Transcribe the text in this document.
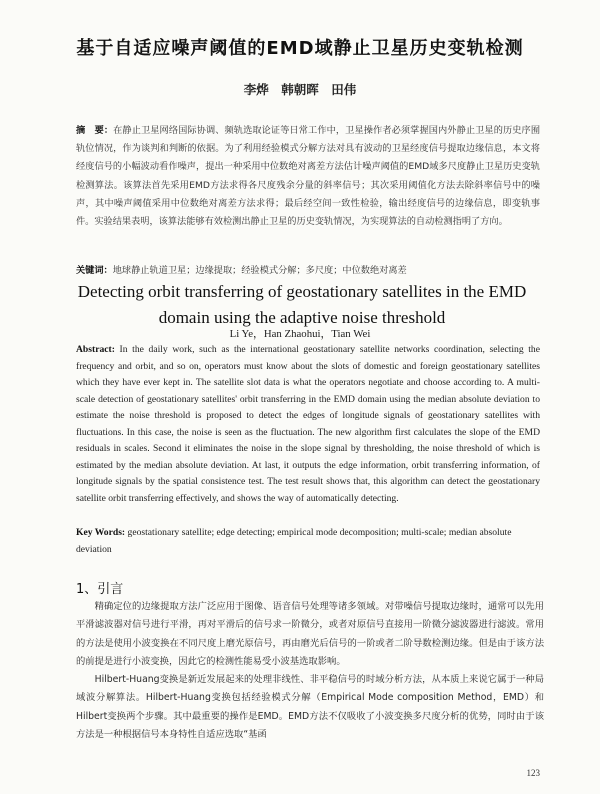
基于自适应噪声阈值的EMD域静止卫星历史变轨检测
李烨　韩朝晖　田伟
摘　要：在静止卫星网络国际协调、频轨选取论证等日常工作中，卫星操作者必须掌握国内外静止卫星的历史序囿轨位情况，作为谈判和判断的依据。为了利用经验模式分解方法对具有波动的卫星经度信号提取边缘信息，本文将经度信号的小幅波动看作噪声，提出一种采用中位数绝对离差方法估计噪声阈值的EMD域多尺度静止卫星历史变轨检测算法。该算法首先采用EMD方法求得各尺度残余分量的斜率信号；其次采用阈值化方法去除斜率信号中的噪声，其中噪声阈值采用中位数绝对离差方法求得；最后经空间一致性检验，输出经度信号的边缘信息，即变轨事件。实验结果表明，该算法能够有效检测出静止卫星的历史变轨情况，为实现算法的自动检测指明了方向。
关键词：地球静止轨道卫星；边缘提取；经验模式分解；多尺度；中位数绝对离差
Detecting orbit transferring of geostationary satellites in the EMD domain using the adaptive noise threshold
Li Ye，Han Zhaohui，Tian Wei
Abstract: In the daily work, such as the international geostationary satellite networks coordination, selecting the frequency and orbit, and so on, operators must know about the slots of domestic and foreign geostationary satellites which they have ever kept in. The satellite slot data is what the operators negotiate and choose according to. A multi-scale detection of geostationary satellites' orbit transferring in the EMD domain using the median absolute deviation to estimate the noise threshold is proposed to detect the edges of longitude signals of geostationary satellites with fluctuations. In this case, the noise is seen as the fluctuation. The new algorithm first calculates the slope of the EMD residuals in scales. Second it eliminates the noise in the slope signal by thresholding, the noise threshold of which is estimated by the median absolute deviation. At last, it outputs the edge information, orbit transferring information, of longitude signals by the spatial consistence test. The test result shows that, this algorithm can detect the geostationary satellite orbit transferring effectively, and shows the way of automatically detecting.
Key Words: geostationary satellite; edge detecting; empirical mode decomposition; multi-scale; median absolute deviation
1、引言

精确定位的边缘提取方法广泛应用于图像、语音信号处理等诸多领域。对带噪信号提取边缘时，通常可以先用平滑滤波器对信号进行平滑，再对平滑后的信号求一阶微分，或者对原信号直接用一阶微分滤波器进行滤波。常用的方法是使用小波变换在不同尺度上磨光原信号，再由磨光后信号的一阶或者二阶导数检测边缘。但是由于该方法的前提是进行小波变换，因此它的检测性能易受小波基选取影响。

Hilbert-Huang变换是新近发展起来的处理非线性、非平稳信号的时域分析方法，从本质上来说它属于一种局域波分解算法。Hilbert-Huang变换包括经验模式分解（Empirical Mode composition Method，EMD）和Hilbert变换两个步骤。其中最重要的操作是EMD。EMD方法不仅吸收了小波变换多尺度分析的优势，同时由于该方法是一种根据信号本身特性自适应选取“基函

123
